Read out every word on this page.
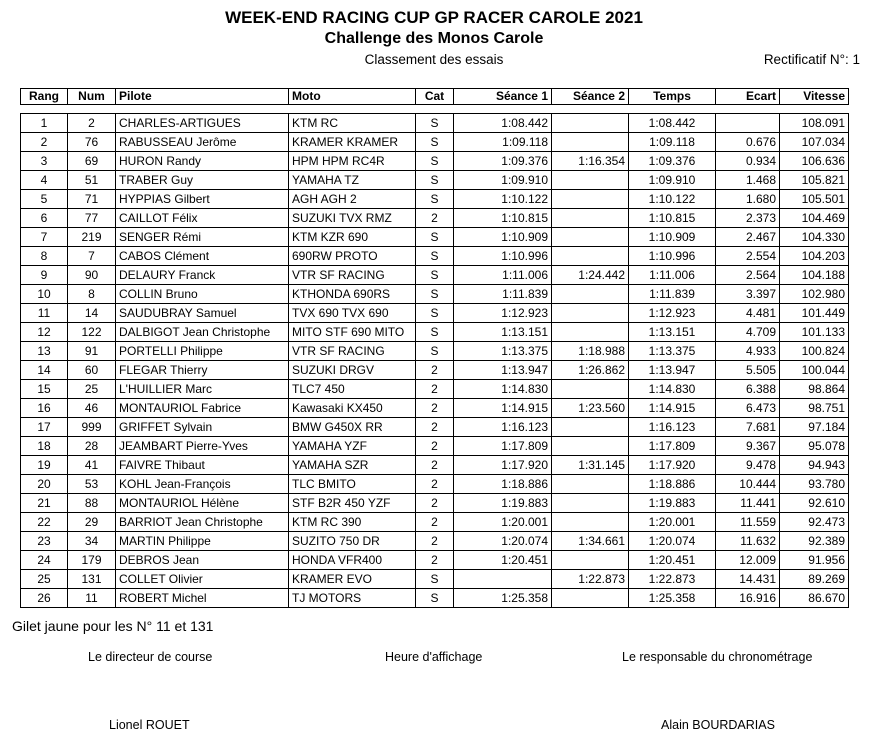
WEEK-END RACING CUP GP RACER CAROLE 2021
Challenge des Monos Carole
Classement des essais	Rectificatif N°: 1
Rang	Num	Pilote	Moto	Cat	Séance 1	Séance 2	Temps	Ecart	Vitesse

1	2	CHARLES-ARTIGUES	KTM RC	S	1:08.442		1:08.442		108.091
2	76	RABUSSEAU Jerôme	KRAMER KRAMER	S	1:09.118		1:09.118	0.676	107.034
3	69	HURON Randy	HPM HPM RC4R	S	1:09.376	1:16.354	1:09.376	0.934	106.636
4	51	TRABER Guy	YAMAHA TZ	S	1:09.910		1:09.910	1.468	105.821
5	71	HYPPIAS Gilbert	AGH AGH 2	S	1:10.122		1:10.122	1.680	105.501
6	77	CAILLOT Félix	SUZUKI TVX RMZ	2	1:10.815		1:10.815	2.373	104.469
7	219	SENGER Rémi	KTM KZR 690	S	1:10.909		1:10.909	2.467	104.330
8	7	CABOS Clément	690RW PROTO	S	1:10.996		1:10.996	2.554	104.203
9	90	DELAURY Franck	VTR SF RACING	S	1:11.006	1:24.442	1:11.006	2.564	104.188
10	8	COLLIN Bruno	KTHONDA 690RS	S	1:11.839		1:11.839	3.397	102.980
11	14	SAUDUBRAY Samuel	TVX 690 TVX 690	S	1:12.923		1:12.923	4.481	101.449
12	122	DALBIGOT Jean Christophe	MITO STF 690 MITO	S	1:13.151		1:13.151	4.709	101.133
13	91	PORTELLI Philippe	VTR SF RACING	S	1:13.375	1:18.988	1:13.375	4.933	100.824
14	60	FLEGAR Thierry	SUZUKI DRGV	2	1:13.947	1:26.862	1:13.947	5.505	100.044
15	25	L'HUILLIER Marc	TLC7 450	2	1:14.830		1:14.830	6.388	98.864
16	46	MONTAURIOL Fabrice	Kawasaki KX450	2	1:14.915	1:23.560	1:14.915	6.473	98.751
17	999	GRIFFET Sylvain	BMW G450X RR	2	1:16.123		1:16.123	7.681	97.184
18	28	JEAMBART Pierre-Yves	YAMAHA YZF	2	1:17.809		1:17.809	9.367	95.078
19	41	FAIVRE Thibaut	YAMAHA SZR	2	1:17.920	1:31.145	1:17.920	9.478	94.943
20	53	KOHL Jean-François	TLC BMITO	2	1:18.886		1:18.886	10.444	93.780
21	88	MONTAURIOL Hélène	STF B2R 450 YZF	2	1:19.883		1:19.883	11.441	92.610
22	29	BARRIOT Jean Christophe	KTM RC 390	2	1:20.001		1:20.001	11.559	92.473
23	34	MARTIN Philippe	SUZITO 750 DR	2	1:20.074	1:34.661	1:20.074	11.632	92.389
24	179	DEBROS Jean	HONDA VFR400	2	1:20.451		1:20.451	12.009	91.956
25	131	COLLET Olivier	KRAMER EVO	S		1:22.873	1:22.873	14.431	89.269
26	11	ROBERT Michel	TJ MOTORS	S	1:25.358		1:25.358	16.916	86.670
Gilet jaune pour les N° 11 et 131
Le directeur de course	Heure d'affichage	Le responsable du chronométrage
Lionel ROUET	Alain BOURDARIAS
